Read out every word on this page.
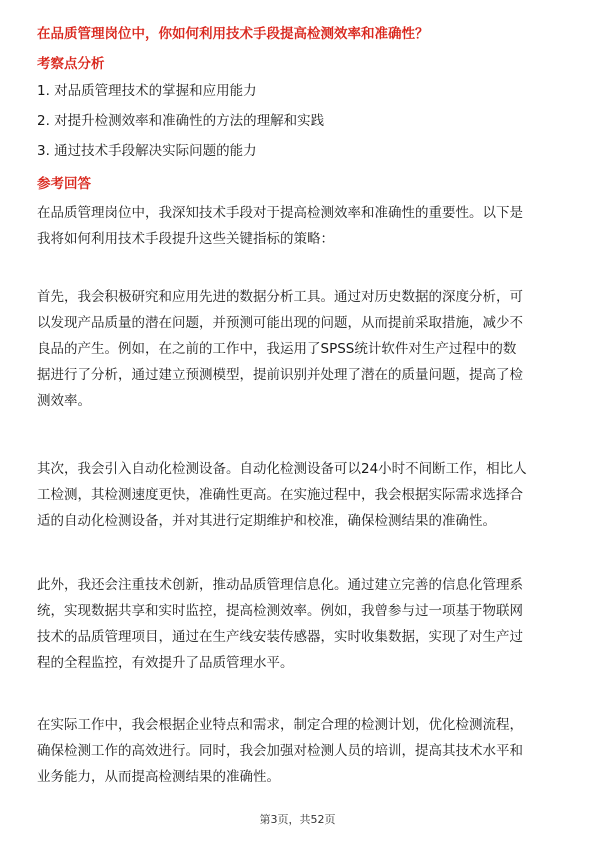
在品质管理岗位中，你如何利用技术手段提高检测效率和准确性？
考察点分析
1. 对品质管理技术的掌握和应用能力
2. 对提升检测效率和准确性的方法的理解和实践
3. 通过技术手段解决实际问题的能力
参考回答
在品质管理岗位中，我深知技术手段对于提高检测效率和准确性的重要性。以下是
我将如何利用技术手段提升这些关键指标的策略：
首先，我会积极研究和应用先进的数据分析工具。通过对历史数据的深度分析，可
以发现产品质量的潜在问题，并预测可能出现的问题，从而提前采取措施，减少不
良品的产生。例如，在之前的工作中，我运用了SPSS统计软件对生产过程中的数
据进行了分析，通过建立预测模型，提前识别并处理了潜在的质量问题，提高了检
测效率。
其次，我会引入自动化检测设备。自动化检测设备可以24小时不间断工作，相比人
工检测，其检测速度更快，准确性更高。在实施过程中，我会根据实际需求选择合
适的自动化检测设备，并对其进行定期维护和校准，确保检测结果的准确性。
此外，我还会注重技术创新，推动品质管理信息化。通过建立完善的信息化管理系
统，实现数据共享和实时监控，提高检测效率。例如，我曾参与过一项基于物联网
技术的品质管理项目，通过在生产线安装传感器，实时收集数据，实现了对生产过
程的全程监控，有效提升了品质管理水平。
在实际工作中，我会根据企业特点和需求，制定合理的检测计划，优化检测流程，
确保检测工作的高效进行。同时，我会加强对检测人员的培训，提高其技术水平和
业务能力，从而提高检测结果的准确性。
第3页，共52页
